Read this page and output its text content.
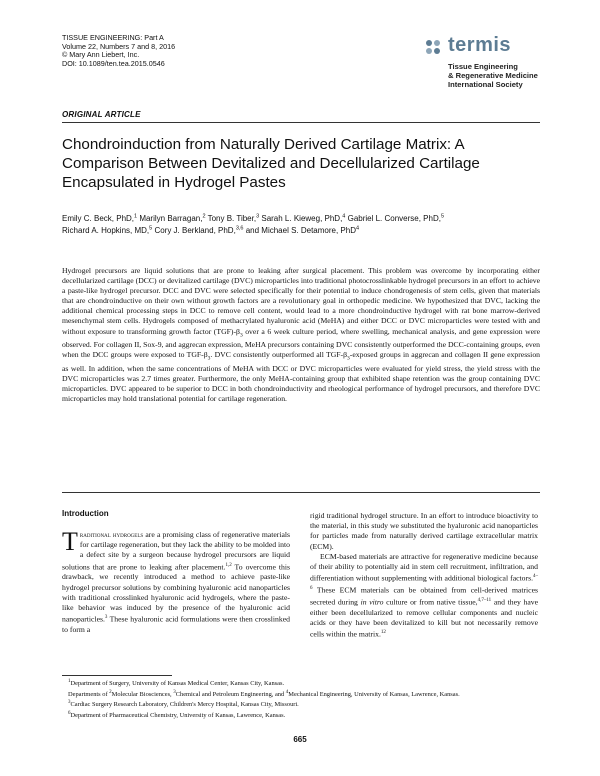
TISSUE ENGINEERING: Part A
Volume 22, Numbers 7 and 8, 2016
© Mary Ann Liebert, Inc.
DOI: 10.1089/ten.tea.2015.0546
termis
Tissue Engineering
& Regenerative Medicine
International Society
ORIGINAL ARTICLE
Chondroinduction from Naturally Derived Cartilage Matrix: A Comparison Between Devitalized and Decellularized Cartilage Encapsulated in Hydrogel Pastes
Emily C. Beck, PhD,$^1$ Marilyn Barragan,$^2$ Tony B. Tiber,$^3$ Sarah L. Kieweg, PhD,$^4$ Gabriel L. Converse, PhD,$^5$
Richard A. Hopkins, MD,$^5$ Cory J. Berkland, PhD,$^{3,6}$ and Michael S. Detamore, PhD$^4$
Hydrogel precursors are liquid solutions that are prone to leaking after surgical placement. This problem was overcome by incorporating either decellularized cartilage (DCC) or devitalized cartilage (DVC) microparticles into traditional photocrosslinkable hydrogel precursors in an effort to achieve a paste-like hydrogel precursor. DCC and DVC were selected specifically for their potential to induce chondrogenesis of stem cells, given that materials that are chondroinductive on their own without growth factors are a revolutionary goal in orthopedic medicine. We hypothesized that DVC, lacking the additional chemical processing steps in DCC to remove cell content, would lead to a more chondroinductive hydrogel with rat bone marrow-derived mesenchymal stem cells. Hydrogels composed of methacrylated hyaluronic acid (MeHA) and either DCC or DVC microparticles were tested with and without exposure to transforming growth factor $(TGF)-\beta_3$ over a 6 week culture period, where swelling, mechanical analysis, and gene expression were observed. For collagen II, Sox-9, and aggrecan expression, MeHA precursors containing DVC consistently outperformed the DCC-containing groups, even when the DCC groups were exposed to TGF-$\beta_3$. DVC consistently outperformed all TGF-$\beta_3$-exposed groups in aggrecan and collagen II gene expression as well. In addition, when the same concentrations of MeHA with DCC or DVC microparticles were evaluated for yield stress, the yield stress with the DVC microparticles was 2.7 times greater. Furthermore, the only MeHA-containing group that exhibited shape retention was the group containing DVC microparticles. DVC appeared to be superior to DCC in both chondroinductivity and rheological performance of hydrogel precursors, and therefore DVC microparticles may hold translational potential for cartilage regeneration.
Introduction
Traditional hydrogels are a promising class of regenerative materials for cartilage regeneration, but they lack the ability to be molded into a defect site by a surgeon because hydrogel precursors are liquid solutions that are prone to leaking after placement.$^{1,2}$ To overcome this drawback, we recently introduced a method to achieve paste-like hydrogel precursor solutions by combining hyaluronic acid nanoparticles with traditional crosslinked hyaluronic acid hydrogels, where the paste-like behavior was induced by the presence of the hyaluronic acid nanoparticles.$^3$ These hyaluronic acid formulations were then crosslinked to form a
rigid traditional hydrogel structure. In an effort to introduce bioactivity to the material, in this study we substituted the hyaluronic acid nanoparticles for particles made from naturally derived cartilage extracellular matrix (ECM).
ECM-based materials are attractive for regenerative medicine because of their ability to potentially aid in stem cell recruitment, infiltration, and differentiation without supplementing with additional biological factors.$^{4-6}$ These ECM materials can be obtained from cell-derived matrices secreted during in vitro culture or from native tissue,$^{4,7-11}$ and they have either been decellularized to remove cellular components and nucleic acids or they have been devitalized to kill but not necessarily remove cells within the matrix.$^{12}$
$^1$Department of Surgery, University of Kansas Medical Center, Kansas City, Kansas.
Departments of $^2$Molecular Biosciences, $^3$Chemical and Petroleum Engineering, and $^4$Mechanical Engineering, University of Kansas, Lawrence, Kansas.
$^3$Cardiac Surgery Research Laboratory, Children's Mercy Hospital, Kansas City, Missouri.
$^6$Department of Pharmaceutical Chemistry, University of Kansas, Lawrence, Kansas.
665
